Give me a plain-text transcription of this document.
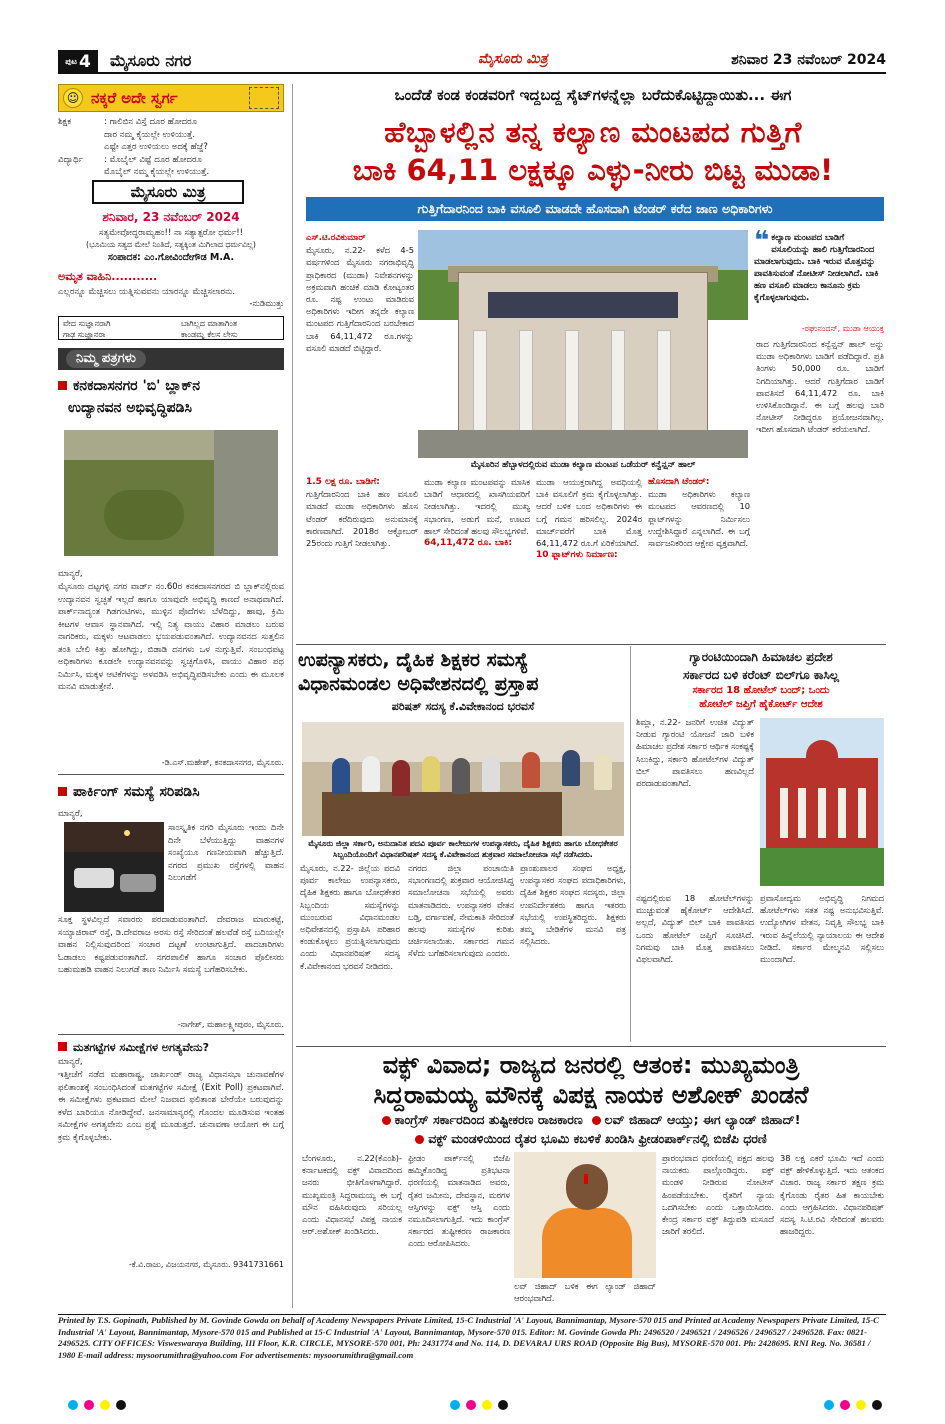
$^{ಪುಟ}$ 4	ಮೈಸೂರು ನಗರ	ಮೈಸೂರು ಮಿತ್ರ	ಶನಿವಾರ 23 ನವೆಂಬರ್ 2024
☺ ನಕ್ಕರೆ ಅದೇ ಸ್ವರ್ಗ
ಶಿಕ್ಷಕ	: ಗಾಲಿಬಿನ ವಿಸ್ತೆ ದೂರ ಹೋದರೂ
ದಾರ ನಮ್ಮ ಕೈಯಲ್ಲೇ ಉಳಿಯುತ್ತೆ.
ಎಷ್ಟೇ ಎತ್ತರ ಉಳಿಯಲು ಅದಕ್ಕೆ ಹೆಜ್ಜೆ?
ವಿದ್ಯಾರ್ಥಿ	: ಮೊಬೈಲ್ ವಿಷ್ಟೆ ದೂರ ಹೋದರೂ
ಮೊಬೈಲ್ ನಮ್ಮ ಕೈಯಲ್ಲೇ ಉಳಿಯುತ್ತೆ.
ಮೈಸೂರು ಮಿತ್ರ
ಶನಿವಾರ, 23 ನವೆಂಬರ್ 2024
ಸತ್ಯಮೇವೋದ್ಧರಾಮ್ಯಹಂ!! ನಾ ಸತ್ಯಾತ್ಪರೋ ಧರ್ಮ!!
(ಭೂಮಿಯ ಸತ್ಯದ ಮೇಲೆ ನಿಂತಿದೆ, ಸತ್ಯಕ್ಕಿಂತ ಮಿಗಿಲಾದ ಧರ್ಮವಿಲ್ಲ)
ಸಂಪಾದಕ: ಎಂ.ಗೋವಿಂದೇಗೌಡ M.A.
ಅಮೃತ ವಾಹಿನಿ...........
ಎಲ್ಲರನ್ನೂ ಮೆಚ್ಚಿಸಲು ಯತ್ನಿಸುವವನು ಯಾರನ್ನೂ ಮೆಚ್ಚಿಸಲಾರನು.
-ನುಡಿಮುತ್ತು
ವೇದ ಸುಜ್ಞಾನರಾಗಿ
ಗಾಢ ಸುಜ್ಞಾನರಾ
ಬಾಗಿಲ್ಲದ ಮಾತಾಗಿಂತ
ಕಾಂಡಮ್ನ ಕೆಲಸ ಲೇಸು
ನಿಮ್ಮ ಪತ್ರಗಳು
ಕನಕದಾಸನಗರ 'ಬಿ' ಬ್ಲಾಕ್‌ನ
ಉದ್ಯಾನವನ ಅಭಿವೃದ್ಧಿಪಡಿಸಿ
ಮಾನ್ಯರೆ,
ಮೈಸೂರು ದಟ್ಟಗಳ್ಳಿ ನಗರ ವಾರ್ಡ್ ನಂ.60ರ ಕನಕದಾಸನಗರದ ಬಿ ಬ್ಲಾಕ್‌ನಲ್ಲಿರುವ ಉದ್ಯಾನವನ ಸ್ವಚ್ಛತೆ ಇಲ್ಲದೆ ಹಾಗೂ ಯಾವುದೇ ಅಭಿವೃದ್ಧಿ ಕಾಣದೆ ಅನಾಥವಾಗಿದೆ. ಪಾರ್ಕ್‌ನಾದ್ಯಂತ ಗಿಡಗಂಟಿಗಳು, ಮುಳ್ಳಿನ ಪೊದೆಗಳು ಬೆಳೆದಿದ್ದು, ಹಾವು, ಕ್ರಿಮಿ ಕೀಟಗಳ ಆವಾಸ ಸ್ಥಾನವಾಗಿದೆ. ಇಲ್ಲಿ ನಿತ್ಯ ವಾಯು ವಿಹಾರ ಮಾಡಲು ಬರುವ ನಾಗರಿಕರು, ಮಕ್ಕಳು ಆಟವಾಡಲು ಭಯಪಡುವಂತಾಗಿದೆ. ಉದ್ಯಾನವನದ ಸುತ್ತಲಿನ ತಂತಿ ಬೇಲಿ ಕಿತ್ತು ಹೋಗಿದ್ದು, ಬಿಡಾಡಿ ದನಗಳು ಒಳ ನುಗ್ಗುತ್ತಿವೆ. ಸಂಬಂಧಪಟ್ಟ ಅಧಿಕಾರಿಗಳು ಕೂಡಲೇ ಉದ್ಯಾನವನವನ್ನು ಸ್ವಚ್ಛಗೊಳಿಸಿ, ವಾಯು ವಿಹಾರ ಪಥ ನಿರ್ಮಿಸಿ, ಮಕ್ಕಳ ಆಟಿಕೆಗಳನ್ನು ಅಳವಡಿಸಿ ಅಭಿವೃದ್ಧಿಪಡಿಸಬೇಕು ಎಂದು ಈ ಮೂಲಕ ಮನವಿ ಮಾಡುತ್ತೇನೆ.
-ಡಿ.ಎಸ್.ಮಹೇಶ್, ಕನಕದಾಸನಗರ, ಮೈಸೂರು.
ಪಾರ್ಕಿಂಗ್ ಸಮಸ್ಯೆ ಸರಿಪಡಿಸಿ
ಮಾನ್ಯರೆ,
ಸಾಂಸ್ಕೃತಿಕ ನಗರಿ ಮೈಸೂರು ಇಂದು ದಿನೇ ದಿನೇ ಬೆಳೆಯುತ್ತಿದ್ದು ವಾಹನಗಳ ಸಂಖ್ಯೆಯೂ ಗಣನೀಯವಾಗಿ ಹೆಚ್ಚುತ್ತಿದೆ. ನಗರದ ಪ್ರಮುಖ ರಸ್ತೆಗಳಲ್ಲಿ ವಾಹನ ನಿಲುಗಡೆಗೆ
ಸೂಕ್ತ ಸ್ಥಳವಿಲ್ಲದೆ ಸವಾರರು ಪರದಾಡುವಂತಾಗಿದೆ. ದೇವರಾಜ ಮಾರುಕಟ್ಟೆ, ಸಯ್ಯಾಜಿರಾವ್ ರಸ್ತೆ, ಡಿ.ದೇವರಾಜ ಅರಸು ರಸ್ತೆ ಸೇರಿದಂತೆ ಹಲವೆಡೆ ರಸ್ತೆ ಬದಿಯಲ್ಲೇ ವಾಹನ ನಿಲ್ಲಿಸುವುದರಿಂದ ಸಂಚಾರ ದಟ್ಟಣೆ ಉಂಟಾಗುತ್ತಿದೆ. ಪಾದಚಾರಿಗಳು ಓಡಾಡಲು ಕಷ್ಟಪಡುವಂತಾಗಿದೆ. ನಗರಪಾಲಿಕೆ ಹಾಗೂ ಸಂಚಾರ ಪೊಲೀಸರು ಬಹುಮಹಡಿ ವಾಹನ ನಿಲುಗಡೆ ತಾಣ ನಿರ್ಮಿಸಿ ಸಮಸ್ಯೆ ಬಗೆಹರಿಸಬೇಕು.
-ನಾಗೇಶ್, ಮಹಾಲಕ್ಷ್ಮೀಪುರಂ, ಮೈಸೂರು.
ಮತಗಟ್ಟೆಗಳ ಸಮೀಕ್ಷೆಗಳ ಅಗತ್ಯವೇನು?
ಮಾನ್ಯರೆ,
ಇತ್ತೀಚೆಗೆ ನಡೆದ ಮಹಾರಾಷ್ಟ್ರ, ಜಾರ್ಖಂಡ್ ರಾಜ್ಯ ವಿಧಾನಸಭಾ ಚುನಾವಣೆಗಳ ಫಲಿತಾಂಶಕ್ಕೆ ಸಂಬಂಧಿಸಿದಂತೆ ಮತಗಟ್ಟೆಗಳ ಸಮೀಕ್ಷೆ (Exit Poll) ಪ್ರಕಟವಾಗಿವೆ. ಈ ಸಮೀಕ್ಷೆಗಳು ಪ್ರಕಟವಾದ ಮೇಲೆ ನಿಜವಾದ ಫಲಿತಾಂಶ ಬೇರೆಯೇ ಬರುವುದನ್ನು ಕಳೆದ ಬಾರಿಯೂ ನೋಡಿದ್ದೇವೆ. ಜನಸಾಮಾನ್ಯರಲ್ಲಿ ಗೊಂದಲ ಮೂಡಿಸುವ ಇಂತಹ ಸಮೀಕ್ಷೆಗಳ ಅಗತ್ಯವೇನು ಎಂಬ ಪ್ರಶ್ನೆ ಮೂಡುತ್ತದೆ. ಚುನಾವಣಾ ಆಯೋಗ ಈ ಬಗ್ಗೆ ಕ್ರಮ ಕೈಗೊಳ್ಳಬೇಕು.
-ಕೆ.ವಿ.ರಾಜು, ವಿಜಯನಗರ, ಮೈಸೂರು. 9341731661
ಒಂದೆಡೆ ಕಂಡ ಕಂಡವರಿಗೆ ಇದ್ದಬದ್ದ ಸೈಟ್‌ಗಳನ್ನೆಲ್ಲಾ ಬರೆದುಕೊಟ್ಟಿದ್ದಾಯಿತು... ಈಗ
ಹೆಬ್ಬಾಳಲ್ಲಿನ ತನ್ನ ಕಲ್ಯಾಣ ಮಂಟಪದ ಗುತ್ತಿಗೆ
ಬಾಕಿ 64,11 ಲಕ್ಷಕ್ಕೂ ಎಳ್ಳು-ನೀರು ಬಿಟ್ಟ ಮುಡಾ!
ಗುತ್ತಿಗೆದಾರನಿಂದ ಬಾಕಿ ವಸೂಲಿ ಮಾಡದೇ ಹೊಸದಾಗಿ ಟೆಂಡರ್ ಕರೆದ ಜಾಣ ಅಧಿಕಾರಿಗಳು
ಎಸ್.ಟಿ.ರವಿಕುಮಾರ್
ಮೈಸೂರು, ನ.22- ಕಳೆದ 4-5 ವರ್ಷಗಳಿಂದ ಮೈಸೂರು ನಗರಾಭಿವೃದ್ಧಿ ಪ್ರಾಧಿಕಾರದ (ಮುಡಾ) ನಿವೇಶನಗಳನ್ನು ಅಕ್ರಮವಾಗಿ ಹಂಚಿಕೆ ಮಾಡಿ ಕೋಟ್ಯಂತರ ರೂ. ನಷ್ಟ ಉಂಟು ಮಾಡಿರುವ ಅಧಿಕಾರಿಗಳು ಇದೀಗ ತನ್ನದೇ ಕಲ್ಯಾಣ ಮಂಟಪದ ಗುತ್ತಿಗೆದಾರನಿಂದ ಬರಬೇಕಾದ ಬಾಕಿ 64,11,472 ರೂ.ಗಳನ್ನು ವಸೂಲಿ ಮಾಡದೆ ಬಿಟ್ಟಿದ್ದಾರೆ.
ಮೈಸೂರಿನ ಹೆಬ್ಬಾಳದಲ್ಲಿರುವ ಮುಡಾ ಕಲ್ಯಾಣ ಮಂಟಪ ಒಡೆಯರ್ ಕನ್ವೆನ್ಷನ್ ಹಾಲ್
❝ ಕಲ್ಯಾಣ ಮಂಟಪದ ಬಾಡಿಗೆ ವಸೂಲಿಯನ್ನು ಹಾಲಿ ಗುತ್ತಿಗೆದಾರನಿಂದ ಮಾಡಲಾಗುವುದು. ಬಾಕಿ ಇರುವ ಮೊತ್ತವನ್ನು ಪಾವತಿಸುವಂತೆ ನೋಟೀಸ್ ನೀಡಲಾಗಿದೆ. ಬಾಕಿ ಹಣ ವಸೂಲಿ ಮಾಡಲು ಕಾನೂನು ಕ್ರಮ ಕೈಗೊಳ್ಳಲಾಗುವುದು.
-ರಘುನಂದನ್, ಮುಡಾ ಆಯುಕ್ತ
ರಾದ ಗುತ್ತಿಗೆದಾರನಿಂದ ಕನ್ವೆನ್ಷನ್ ಹಾಲ್ ಅನ್ನು ಮುಡಾ ಅಧಿಕಾರಿಗಳು ಬಾಡಿಗೆ ಪಡೆದಿದ್ದಾರೆ. ಪ್ರತಿ ತಿಂಗಳು 50,000 ರೂ. ಬಾಡಿಗೆ ನಿಗದಿಯಾಗಿತ್ತು. ಆದರೆ ಗುತ್ತಿಗೆದಾರ ಬಾಡಿಗೆ ಪಾವತಿಸದೆ 64,11,472 ರೂ. ಬಾಕಿ ಉಳಿಸಿಕೊಂಡಿದ್ದಾನೆ. ಈ ಬಗ್ಗೆ ಹಲವು ಬಾರಿ ನೋಟೀಸ್ ನೀಡಿದ್ದರೂ ಪ್ರಯೋಜನವಾಗಿಲ್ಲ. ಇದೀಗ ಹೊಸದಾಗಿ ಟೆಂಡರ್ ಕರೆಯಲಾಗಿದೆ.
1.5 ಲಕ್ಷ ರೂ. ಬಾಡಿಗೆ:
ಗುತ್ತಿಗೆದಾರನಿಂದ ಬಾಕಿ ಹಣ ವಸೂಲಿ ಮಾಡದೆ ಮುಡಾ ಅಧಿಕಾರಿಗಳು ಹೊಸ ಟೆಂಡರ್ ಕರೆದಿರುವುದು ಅನುಮಾನಕ್ಕೆ ಕಾರಣವಾಗಿದೆ. 2018ರ ಆಕ್ಟೋಬರ್ 25ರಂದು ಗುತ್ತಿಗೆ ನೀಡಲಾಗಿತ್ತು.
ಮುಡಾ ಕಲ್ಯಾಣ ಮಂಟಪವನ್ನು ಮಾಸಿಕ ಬಾಡಿಗೆ ಆಧಾರದಲ್ಲಿ ಖಾಸಗಿಯವರಿಗೆ ನೀಡಲಾಗಿತ್ತು. ಇದರಲ್ಲಿ ಮುಖ್ಯ ಸಭಾಂಗಣ, ಅಡುಗೆ ಮನೆ, ಊಟದ ಹಾಲ್ ಸೇರಿದಂತೆ ಹಲವು ಸೌಲಭ್ಯಗಳಿವೆ.
64,11,472 ರೂ. ಬಾಕಿ:
ಮುಡಾ ಆಯುಕ್ತರಾಗಿದ್ದ ಅವಧಿಯಲ್ಲಿ ಬಾಕಿ ವಸೂಲಿಗೆ ಕ್ರಮ ಕೈಗೊಳ್ಳಲಾಗಿತ್ತು. ಆದರೆ ಬಳಿಕ ಬಂದ ಅಧಿಕಾರಿಗಳು ಈ ಬಗ್ಗೆ ಗಮನ ಹರಿಸಲಿಲ್ಲ. 2024ರ ಮಾರ್ಚ್‌ವರೆಗೆ ಬಾಕಿ ಮೊತ್ತ 64,11,472 ರೂ.ಗೆ ಏರಿಕೆಯಾಗಿದೆ.
10 ಫ್ಲಾಟ್‌ಗಳು ನಿರ್ಮಾಣ:
ಹೊಸದಾಗಿ ಟೆಂಡರ್:
ಮುಡಾ ಅಧಿಕಾರಿಗಳು ಕಲ್ಯಾಣ ಮಂಟಪದ ಆವರಣದಲ್ಲಿ 10 ಫ್ಲಾಟ್‌ಗಳನ್ನು ನಿರ್ಮಿಸಲು ಉದ್ದೇಶಿಸಿದ್ದಾರೆ ಎನ್ನಲಾಗಿದೆ. ಈ ಬಗ್ಗೆ ಸಾರ್ವಜನಿಕರಿಂದ ಆಕ್ಷೇಪ ವ್ಯಕ್ತವಾಗಿದೆ.
ಉಪನ್ಯಾಸಕರು, ದೈಹಿಕ ಶಿಕ್ಷಕರ ಸಮಸ್ಯೆ
ವಿಧಾನಮಂಡಲ ಅಧಿವೇಶನದಲ್ಲಿ ಪ್ರಸ್ತಾಪ
ಪರಿಷತ್ ಸದಸ್ಯ ಕೆ.ವಿವೇಕಾನಂದ ಭರವಸೆ
ಮೈಸೂರು ಜಿಲ್ಲಾ ಸರ್ಕಾರಿ, ಅನುದಾನಿತ ಪದವಿ ಪೂರ್ವ ಕಾಲೇಜುಗಳ ಉಪನ್ಯಾಸಕರು, ದೈಹಿಕ ಶಿಕ್ಷಕರು ಹಾಗೂ ಬೋಧಕೇತರ ಸಿಬ್ಬಂದಿಯೊಂದಿಗೆ ವಿಧಾನಪರಿಷತ್ ಸದಸ್ಯ ಕೆ.ವಿವೇಕಾನಂದ ಶುಕ್ರವಾರ ಸಮಾಲೋಚನಾ ಸಭೆ ನಡೆಸಿದರು.
ಮೈಸೂರು, ನ.22- ಜಿಲ್ಲೆಯ ಪದವಿ ಪೂರ್ವ ಕಾಲೇಜು ಉಪನ್ಯಾಸಕರು, ದೈಹಿಕ ಶಿಕ್ಷಕರು ಹಾಗೂ ಬೋಧಕೇತರ ಸಿಬ್ಬಂದಿಯ ಸಮಸ್ಯೆಗಳನ್ನು ಮುಂಬರುವ ವಿಧಾನಮಂಡಲ ಅಧಿವೇಶನದಲ್ಲಿ ಪ್ರಸ್ತಾಪಿಸಿ ಪರಿಹಾರ ಕಂಡುಕೊಳ್ಳಲು ಪ್ರಯತ್ನಿಸಲಾಗುವುದು ಎಂದು ವಿಧಾನಪರಿಷತ್ ಸದಸ್ಯ ಕೆ.ವಿವೇಕಾನಂದ ಭರವಸೆ ನೀಡಿದರು.
ನಗರದ ಜಿಲ್ಲಾ ಪಂಚಾಯಿತಿ ಸಭಾಂಗಣದಲ್ಲಿ ಶುಕ್ರವಾರ ಆಯೋಜಿಸಿದ್ದ ಸಮಾಲೋಚನಾ ಸಭೆಯಲ್ಲಿ ಅವರು ಮಾತನಾಡಿದರು. ಉಪನ್ಯಾಸಕರ ವೇತನ ಬಡ್ತಿ, ವರ್ಗಾವಣೆ, ನೇಮಕಾತಿ ಸೇರಿದಂತೆ ಹಲವು ಸಮಸ್ಯೆಗಳ ಕುರಿತು ಚರ್ಚಿಸಲಾಯಿತು. ಸರ್ಕಾರದ ಗಮನ ಸೆಳೆದು ಬಗೆಹರಿಸಲಾಗುವುದು ಎಂದರು.
ಪ್ರಾಂಶುಪಾಲರ ಸಂಘದ ಅಧ್ಯಕ್ಷ, ಉಪನ್ಯಾಸಕರ ಸಂಘದ ಪದಾಧಿಕಾರಿಗಳು, ದೈಹಿಕ ಶಿಕ್ಷಕರ ಸಂಘದ ಸದಸ್ಯರು, ಜಿಲ್ಲಾ ಉಪನಿರ್ದೇಶಕರು ಹಾಗೂ ಇತರರು ಸಭೆಯಲ್ಲಿ ಉಪಸ್ಥಿತರಿದ್ದರು. ಶಿಕ್ಷಕರು ತಮ್ಮ ಬೇಡಿಕೆಗಳ ಮನವಿ ಪತ್ರ ಸಲ್ಲಿಸಿದರು.
ಗ್ಯಾರಂಟಿಯಿಂದಾಗಿ ಹಿಮಾಚಲ ಪ್ರದೇಶ
ಸರ್ಕಾರದ ಬಳಿ ಕರೆಂಟ್ ಬಿಲ್‌ಗೂ ಕಾಸಿಲ್ಲ
ಸರ್ಕಾರದ 18 ಹೋಟೆಲ್ ಬಂದ್; ಒಂದು
ಹೋಟೆಲ್ ಜಪ್ತಿಗೆ ಹೈಕೋರ್ಟ್ ಆದೇಶ
ಶಿಮ್ಲಾ, ನ.22- ಜನರಿಗೆ ಉಚಿತ ವಿದ್ಯುತ್ ನೀಡುವ ಗ್ಯಾರಂಟಿ ಯೋಜನೆ ಜಾರಿ ಬಳಿಕ ಹಿಮಾಚಲ ಪ್ರದೇಶ ಸರ್ಕಾರ ಆರ್ಥಿಕ ಸಂಕಷ್ಟಕ್ಕೆ ಸಿಲುಕಿದ್ದು, ಸರ್ಕಾರಿ ಹೋಟೆಲ್‌ಗಳ ವಿದ್ಯುತ್ ಬಿಲ್ ಪಾವತಿಸಲು ಹಣವಿಲ್ಲದೆ ಪರದಾಡುವಂತಾಗಿದೆ.
ನಷ್ಟದಲ್ಲಿರುವ 18 ಹೋಟೆಲ್‌ಗಳನ್ನು ಮುಚ್ಚುವಂತೆ ಹೈಕೋರ್ಟ್ ಆದೇಶಿಸಿದೆ. ಅಲ್ಲದೆ, ವಿದ್ಯುತ್ ಬಿಲ್ ಬಾಕಿ ಪಾವತಿಸದ ಒಂದು ಹೋಟೆಲ್ ಜಪ್ತಿಗೆ ಸೂಚಿಸಿದೆ. ನಿಗಮವು ಬಾಕಿ ಮೊತ್ತ ಪಾವತಿಸಲು ವಿಫಲವಾಗಿದೆ.
ಪ್ರವಾಸೋದ್ಯಮ ಅಭಿವೃದ್ಧಿ ನಿಗಮದ ಹೋಟೆಲ್‌ಗಳು ಸತತ ನಷ್ಟ ಅನುಭವಿಸುತ್ತಿವೆ. ಉದ್ಯೋಗಿಗಳ ವೇತನ, ನಿವೃತ್ತಿ ಸೌಲಭ್ಯ ಬಾಕಿ ಇರುವ ಹಿನ್ನೆಲೆಯಲ್ಲಿ ನ್ಯಾಯಾಲಯ ಈ ಆದೇಶ ನೀಡಿದೆ. ಸರ್ಕಾರ ಮೇಲ್ಮನವಿ ಸಲ್ಲಿಸಲು ಮುಂದಾಗಿದೆ.
ವಕ್ಫ್ ವಿವಾದ; ರಾಜ್ಯದ ಜನರಲ್ಲಿ ಆತಂಕ: ಮುಖ್ಯಮಂತ್ರಿ
ಸಿದ್ದರಾಮಯ್ಯ ಮೌನಕ್ಕೆ ವಿಪಕ್ಷ ನಾಯಕ ಅಶೋಕ್ ಖಂಡನೆ
ಕಾಂಗ್ರೆಸ್ ಸರ್ಕಾರದಿಂದ ತುಷ್ಟೀಕರಣ ರಾಜಕಾರಣ ಲವ್ ಜಿಹಾದ್ ಆಯ್ತು; ಈಗ ಲ್ಯಾಂಡ್ ಜಿಹಾದ್!
ವಕ್ಫ್ ಮಂಡಳಿಯಿಂದ ರೈತರ ಭೂಮಿ ಕಬಳಿಕೆ ಖಂಡಿಸಿ ಫ್ರೀಡಂಪಾರ್ಕ್‌ನಲ್ಲಿ ಬಿಜೆಪಿ ಧರಣಿ
ಬೆಂಗಳೂರು, ನ.22(ಕೆಎಂಶಿ)- ಕರ್ನಾಟಕದಲ್ಲಿ ವಕ್ಫ್ ವಿವಾದದಿಂದ ಜನರು ಭೀತಿಗೊಳಗಾಗಿದ್ದಾರೆ. ಮುಖ್ಯಮಂತ್ರಿ ಸಿದ್ದರಾಮಯ್ಯ ಈ ಬಗ್ಗೆ ಮೌನ ವಹಿಸಿರುವುದು ಸರಿಯಲ್ಲ ಎಂದು ವಿಧಾನಸಭೆ ವಿಪಕ್ಷ ನಾಯಕ ಆರ್.ಅಶೋಕ್ ಖಂಡಿಸಿದರು.
ಫ್ರೀಡಂ ಪಾರ್ಕ್‌ನಲ್ಲಿ ಬಿಜೆಪಿ ಹಮ್ಮಿಕೊಂಡಿದ್ದ ಪ್ರತಿಭಟನಾ ಧರಣಿಯಲ್ಲಿ ಮಾತನಾಡಿದ ಅವರು, ರೈತರ ಜಮೀನು, ದೇವಸ್ಥಾನ, ಮಠಗಳ ಆಸ್ತಿಗಳನ್ನು ವಕ್ಫ್ ಆಸ್ತಿ ಎಂದು ನಮೂದಿಸಲಾಗುತ್ತಿದೆ. ಇದು ಕಾಂಗ್ರೆಸ್ ಸರ್ಕಾರದ ತುಷ್ಟೀಕರಣ ರಾಜಕಾರಣ ಎಂದು ಆರೋಪಿಸಿದರು.
ಲವ್ ಜಿಹಾದ್ ಬಳಿಕ ಈಗ ಲ್ಯಾಂಡ್ ಜಿಹಾದ್ ಆರಂಭವಾಗಿದೆ.
ಪ್ರಾರಂಭವಾದ ಧರಣಿಯಲ್ಲಿ ಪಕ್ಷದ ಹಲವು ನಾಯಕರು ಪಾಲ್ಗೊಂಡಿದ್ದರು. ವಕ್ಫ್ ಮಂಡಳಿ ನೀಡಿರುವ ನೋಟೀಸ್ ಹಿಂಪಡೆಯಬೇಕು. ರೈತರಿಗೆ ನ್ಯಾಯ ಒದಗಿಸಬೇಕು ಎಂದು ಒತ್ತಾಯಿಸಿದರು. ಕೇಂದ್ರ ಸರ್ಕಾರ ವಕ್ಫ್ ತಿದ್ದುಪಡಿ ಮಸೂದೆ ಜಾರಿಗೆ ತರಲಿದೆ.
38 ಲಕ್ಷ ಎಕರೆ ಭೂಮಿ ಇದೆ ಎಂದು ವಕ್ಫ್ ಹೇಳಿಕೊಳ್ಳುತ್ತಿದೆ. ಇದು ಆತಂಕದ ವಿಚಾರ. ರಾಜ್ಯ ಸರ್ಕಾರ ತಕ್ಷಣ ಕ್ರಮ ಕೈಗೊಂಡು ರೈತರ ಹಿತ ಕಾಯಬೇಕು ಎಂದು ಆಗ್ರಹಿಸಿದರು. ವಿಧಾನಪರಿಷತ್ ಸದಸ್ಯ ಸಿ.ಟಿ.ರವಿ ಸೇರಿದಂತೆ ಹಲವರು ಹಾಜರಿದ್ದರು.
Printed by T.S. Gopinath, Published by M. Govinde Gowda on behalf of Academy Newspapers Private Limited, 15-C Industrial 'A' Layout, Bannimantap, Mysore-570 015 and Printed at Academy Newspapers Private Limited, 15-C Industrial 'A' Layout, Bannimantap, Mysore-570 015 and Published at 15-C Industrial 'A' Layout, Bannimantap, Mysore-570 015. Editor: M. Govinde Gowda Ph: 2496520 / 2496521 / 2496526 / 2496527 / 2496528. Fax: 0821-2496525. CITY OFFICES: Visweswaraya Building, III Floor, K.R. CIRCLE, MYSORE-570 001, Ph: 2431774 and No. 114, D. DEVARAJ URS ROAD (Opposite Big Bus), MYSORE-570 001. Ph: 2428695. RNI Reg. No. 36581 / 1980 E-mail address: mysoorumithra@yahoo.com For advertisements: mysoorumithra@gmail.com
